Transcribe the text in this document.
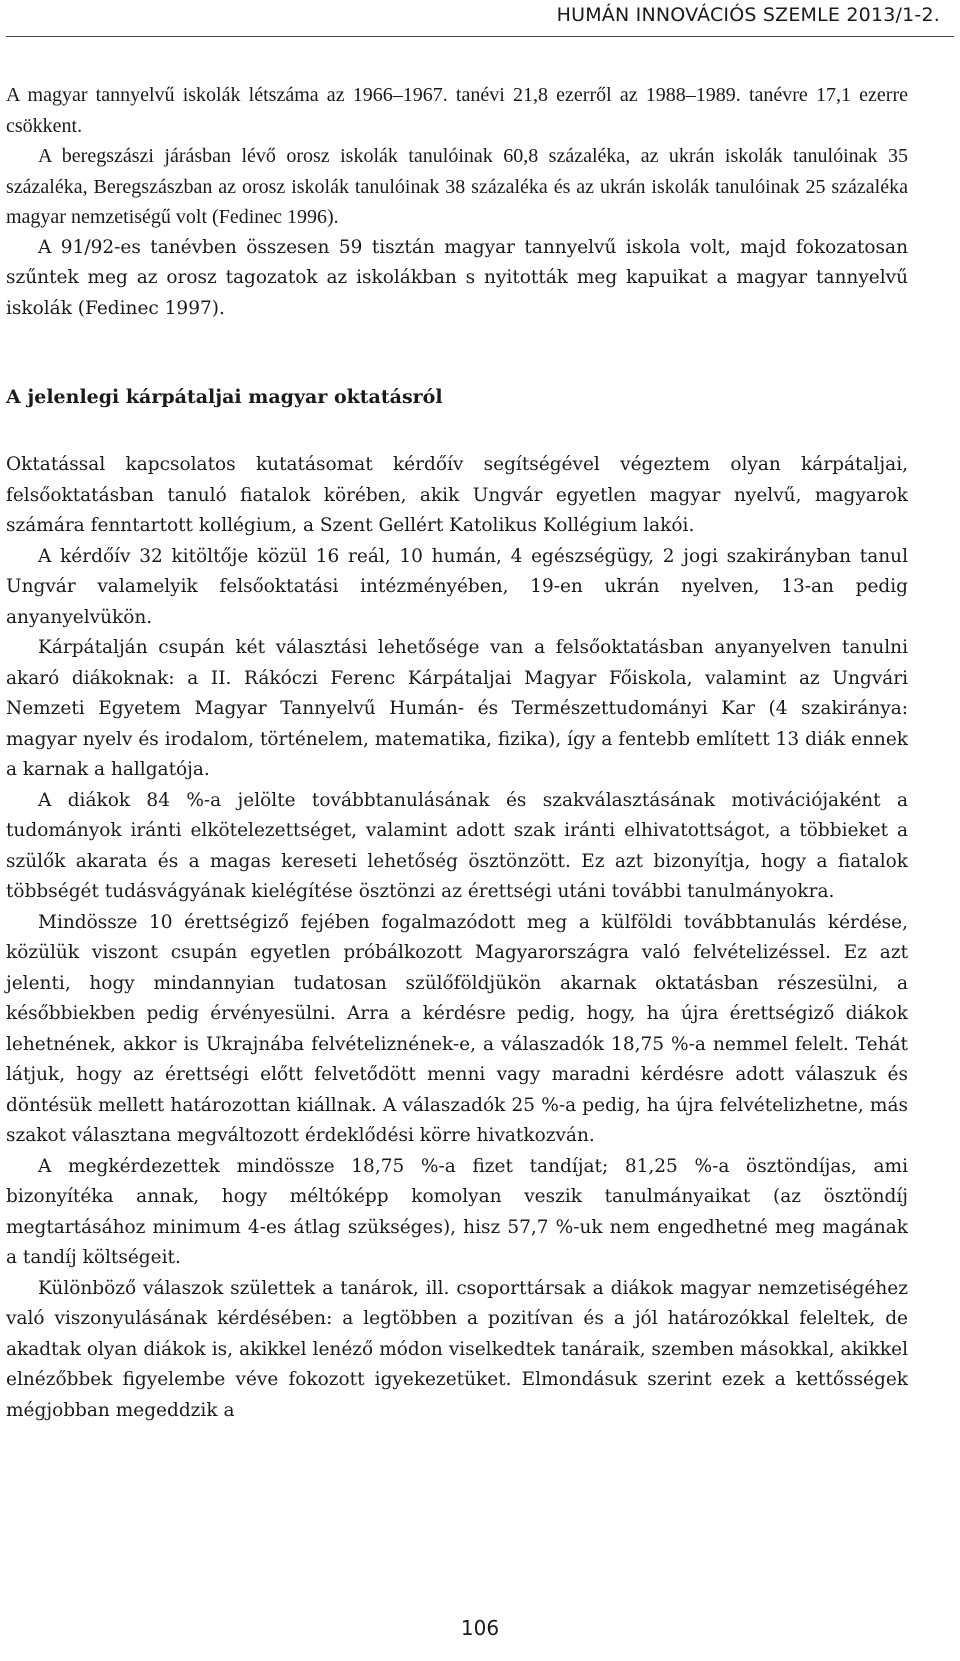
HUMÁN INNOVÁCIÓS SZEMLE 2013/1-2.

A magyar tannyelvű iskolák létszáma az 1966–1967. tanévi 21,8 ezerről az 1988–1989. tanévre 17,1 ezerre csökkent.

A beregszászi járásban lévő orosz iskolák tanulóinak 60,8 százaléka, az ukrán iskolák tanulóinak 35 százaléka, Beregszászban az orosz iskolák tanulóinak 38 százaléka és az ukrán iskolák tanulóinak 25 százaléka magyar nemzetiségű volt (Fedinec 1996).

A 91/92-es tanévben összesen 59 tisztán magyar tannyelvű iskola volt, majd fokozatosan szűntek meg az orosz tagozatok az iskolákban s nyitották meg kapuikat a magyar tannyelvű iskolák (Fedinec 1997).

A jelenlegi kárpátaljai magyar oktatásról

Oktatással kapcsolatos kutatásomat kérdőív segítségével végeztem olyan kárpátaljai, felsőoktatásban tanuló fiatalok körében, akik Ungvár egyetlen magyar nyelvű, magyarok számára fenntartott kollégium, a Szent Gellért Katolikus Kollégium lakói.

A kérdőív 32 kitöltője közül 16 reál, 10 humán, 4 egészségügy, 2 jogi szakirányban tanul Ungvár valamelyik felsőoktatási intézményében, 19-en ukrán nyelven, 13-an pedig anyanyelvükön.

Kárpátalján csupán két választási lehetősége van a felsőoktatásban anyanyelven tanulni akaró diákoknak: a II. Rákóczi Ferenc Kárpátaljai Magyar Főiskola, valamint az Ungvári Nemzeti Egyetem Magyar Tannyelvű Humán- és Természettudományi Kar (4 szakiránya: magyar nyelv és irodalom, történelem, matematika, fizika), így a fentebb említett 13 diák ennek a karnak a hallgatója.

A diákok 84 %-a jelölte továbbtanulásának és szakválasztásának motivációjaként a tudományok iránti elkötelezettséget, valamint adott szak iránti elhivatottságot, a többieket a szülők akarata és a magas kereseti lehetőség ösztönzött. Ez azt bizonyítja, hogy a fiatalok többségét tudásvágyának kielégítése ösztönzi az érettségi utáni további tanulmányokra.

Mindössze 10 érettségiző fejében fogalmazódott meg a külföldi továbbtanulás kérdése, közülük viszont csupán egyetlen próbálkozott Magyarországra való felvételizéssel. Ez azt jelenti, hogy mindannyian tudatosan szülőföldjükön akarnak oktatásban részesülni, a későbbiekben pedig érvényesülni. Arra a kérdésre pedig, hogy, ha újra érettségiző diákok lehetnének, akkor is Ukrajnába felvételiznének-e, a válaszadók 18,75 %-a nemmel felelt. Tehát látjuk, hogy az érettségi előtt felvetődött menni vagy maradni kérdésre adott válaszuk és döntésük mellett határozottan kiállnak. A válaszadók 25 %-a pedig, ha újra felvételizhetne, más szakot választana megváltozott érdeklődési körre hivatkozván.

A megkérdezettek mindössze 18,75 %-a fizet tandíjat; 81,25 %-a ösztöndíjas, ami bizonyítéka annak, hogy méltóképp komolyan veszik tanulmányaikat (az ösztöndíj megtartásához minimum 4-es átlag szükséges), hisz 57,7 %-uk nem engedhetné meg magának a tandíj költségeit.

Különböző válaszok születtek a tanárok, ill. csoporttársak a diákok magyar nemzetiségéhez való viszonyulásának kérdésében: a legtöbben a pozitívan és a jól határozókkal feleltek, de akadtak olyan diákok is, akikkel lenéző módon viselkedtek tanáraik, szemben másokkal, akikkel elnézőbbek figyelembe véve fokozott igyekezetüket. Elmondásuk szerint ezek a kettősségek mégjobban megeddzik a

106
